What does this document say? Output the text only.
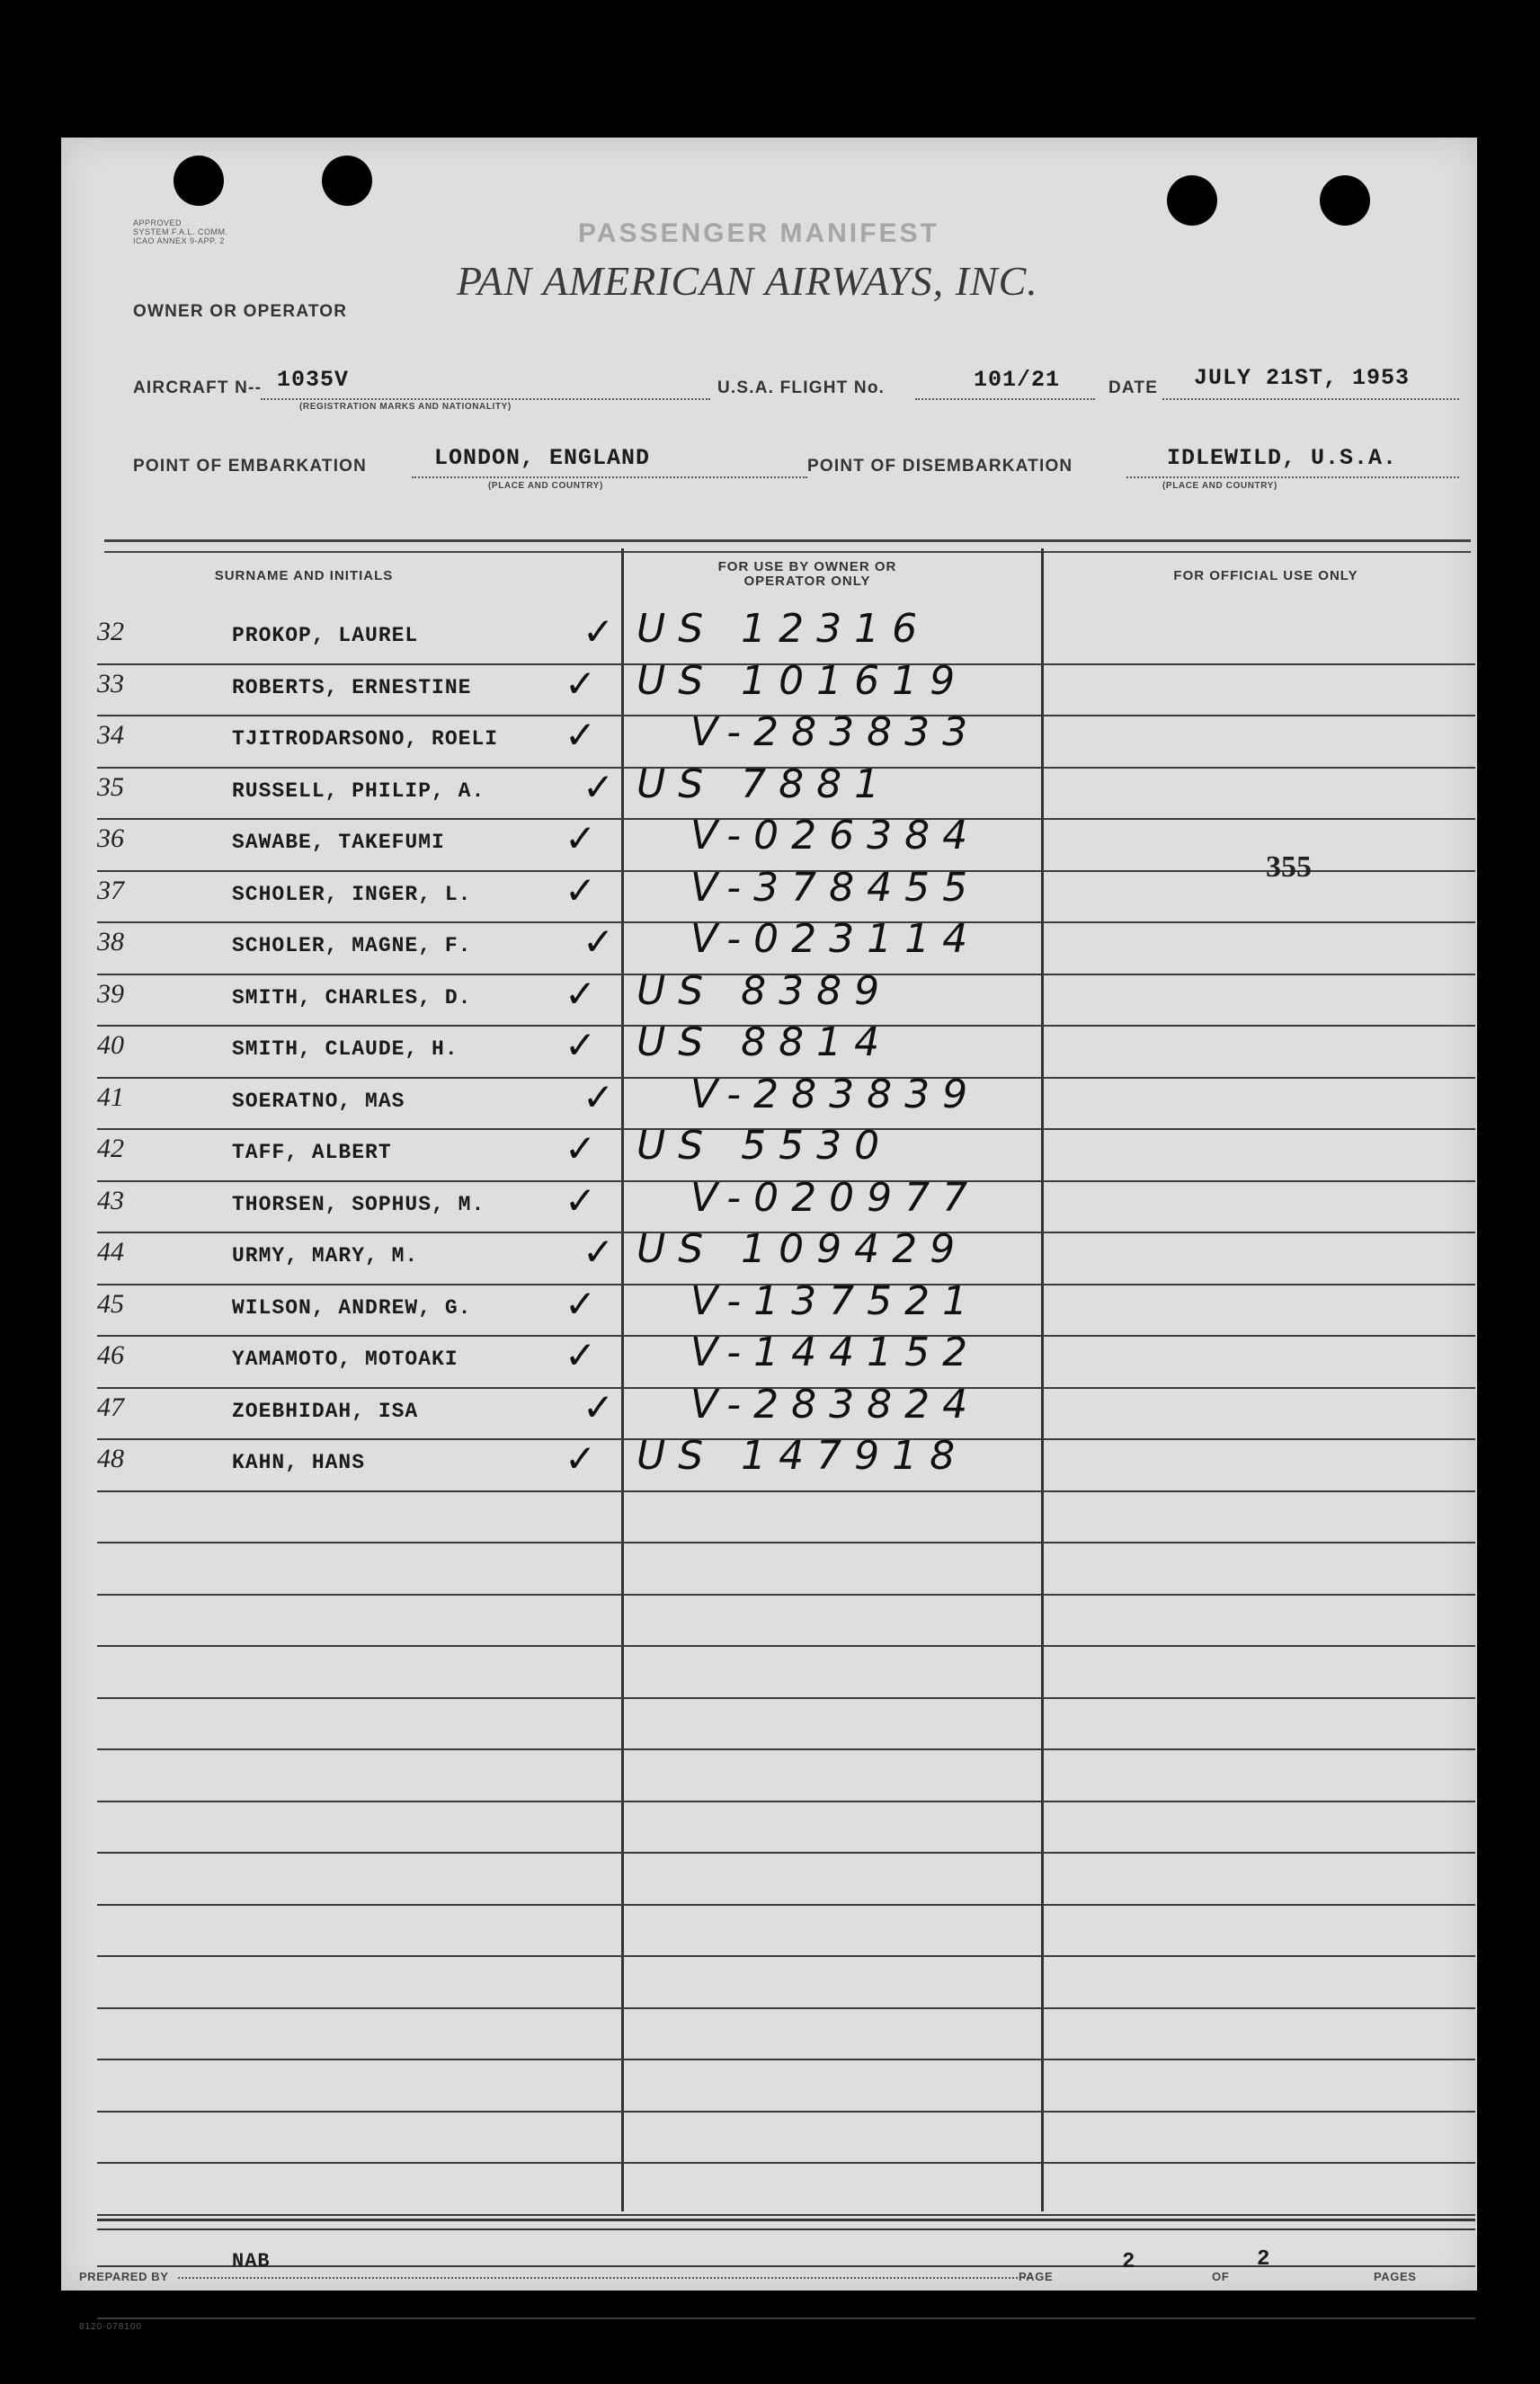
APPROVED
SYSTEM F.A.L. COMM.
ICAO ANNEX 9-APP. 2	PASSENGER MANIFEST
PAN AMERICAN AIRWAYS, INC.
OWNER OR OPERATOR
AIRCRAFT N-- 1035V
(REGISTRATION MARKS AND NATIONALITY)
U.S.A. FLIGHT No.	101/21	DATE JULY 21ST, 1953
POINT OF EMBARKATION	LONDON, ENGLAND
(PLACE AND COUNTRY)
POINT OF DISEMBARKATION	IDLEWILD, U.S.A.
(PLACE AND COUNTRY)
SURNAME AND INITIALS
FOR USE BY OWNER OR OPERATOR ONLY	FOR OFFICIAL USE ONLY
32	PROKOP, LAUREL	✓ US 12316
33	ROBERTS, ERNESTINE ✓ US 101619
34	TJITRODARSONO, ROELI ✓ V-283833
35	RUSSELL, PHILIP, A.	✓ US 7881
36	SAWABE, TAKEFUMI	✓ V-026384
37	SCHOLER, INGER, L. ✓ V-378455
38	SCHOLER, MAGNE, F.	✓ V-023114
39	SMITH, CHARLES, D. ✓ US 8389
40	SMITH, CLAUDE, H.	✓ US 8814
41	SOERATNO, MAS	✓ V-283839
42	TAFF, ALBERT	✓ US 5530
43	THORSEN, SOPHUS, M. ✓ V-020977
44	URMY, MARY, M.	✓ US 109429
45	WILSON, ANDREW, G. ✓ V-137521
46	YAMAMOTO, MOTOAKI	✓ V-144152
47	ZOEBHIDAH, ISA	✓ V-283824
48	KAHN, HANS	✓ US 147918
355
PREPARED BY
NAB
PAGE
2
OF
2
PAGES
8120-078100
